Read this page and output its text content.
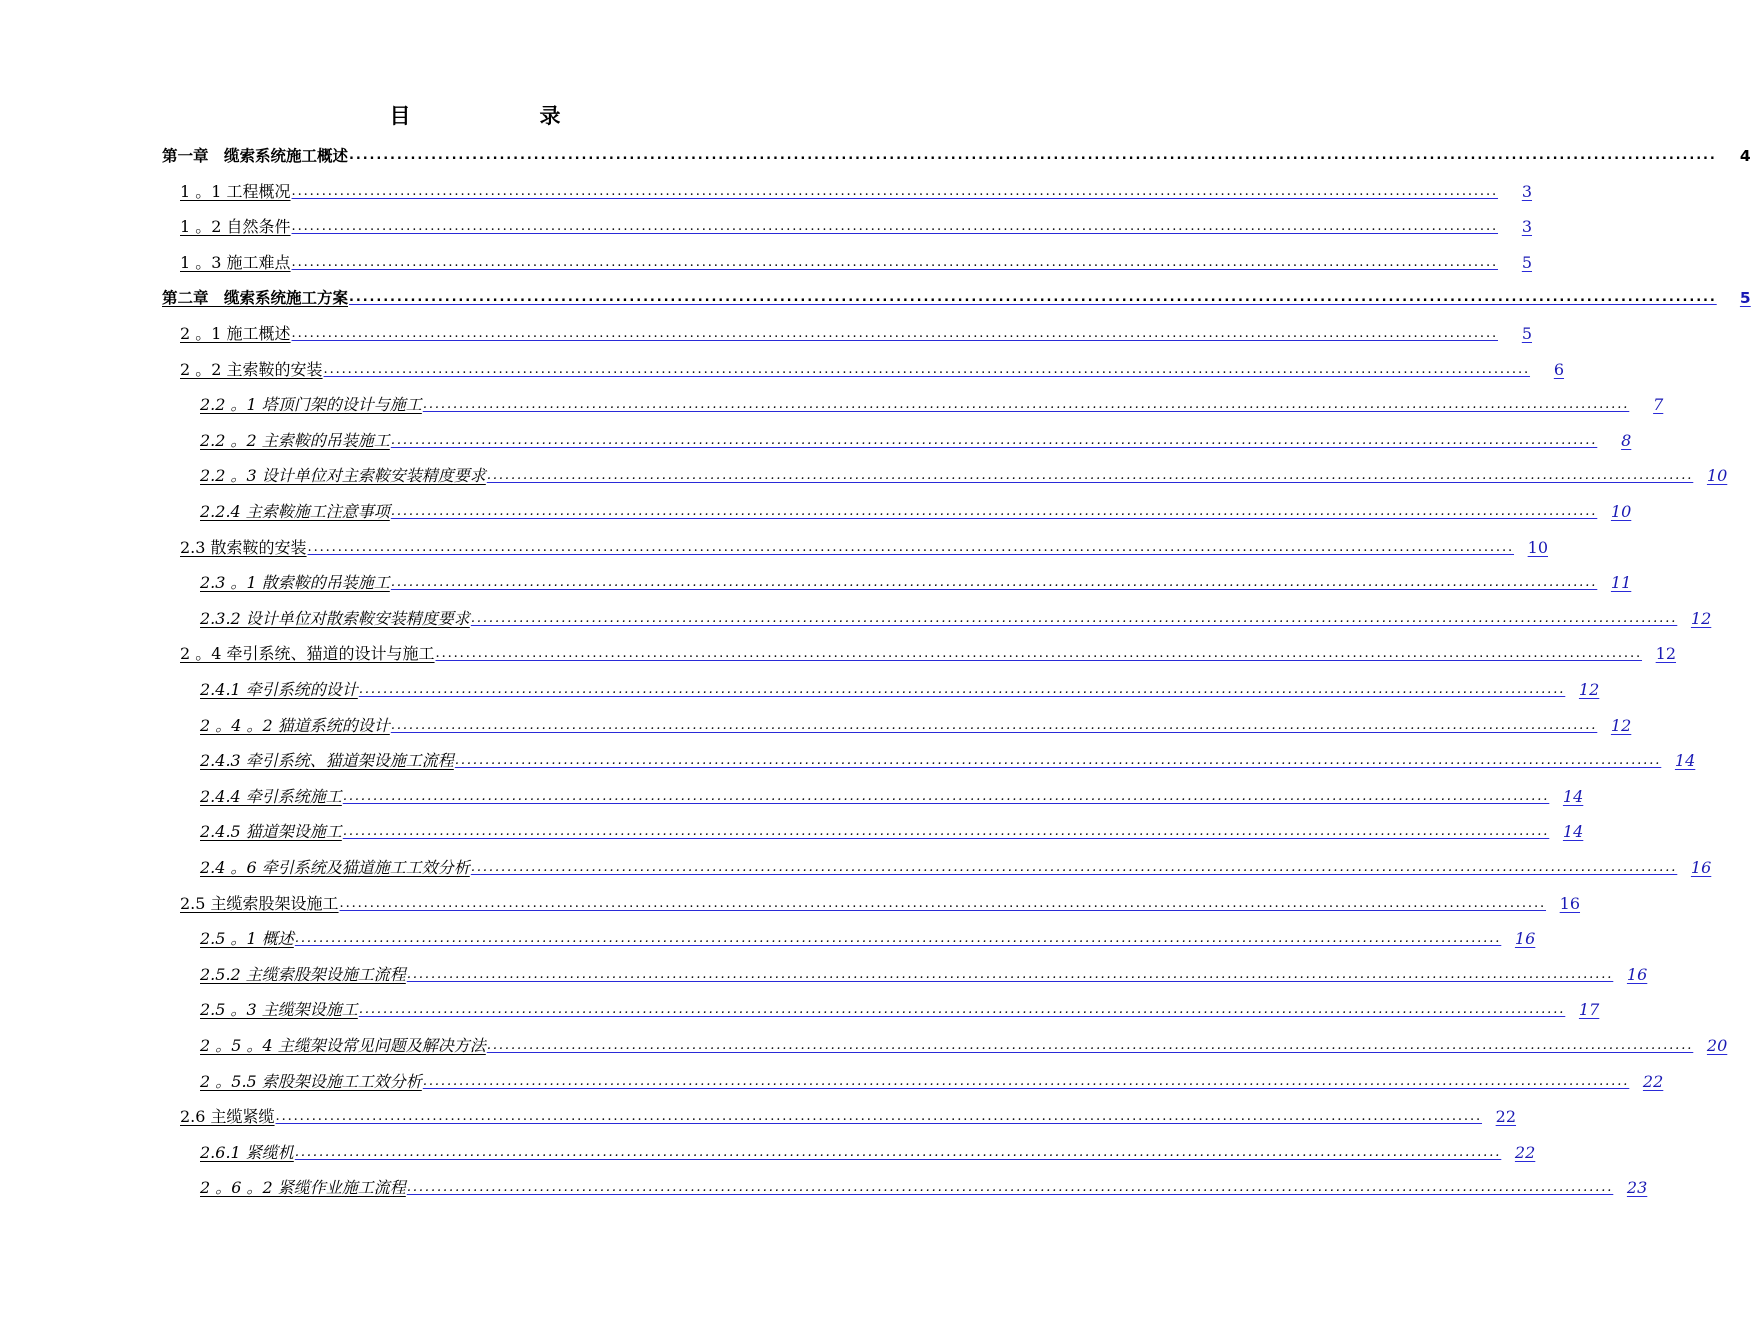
目　录
第一章　缆索系统施工概述 ........................................................................................................................................................................................................	4
1 。1 工程概况 ........................................................................................................................................................................................................	3
1 。2 自然条件 ........................................................................................................................................................................................................	3
1 。3 施工难点 ........................................................................................................................................................................................................	5
第二章　缆索系统施工方案 ........................................................................................................................................................................................................	5
2 。1 施工概述 ........................................................................................................................................................................................................	5
2 。2 主索鞍的安装 ........................................................................................................................................................................................................	6
2.2 。1 塔顶门架的设计与施工 ........................................................................................................................................................................................................	7
2.2 。2 主索鞍的吊装施工 ........................................................................................................................................................................................................	8
2.2 。3 设计单位对主索鞍安装精度要求 ........................................................................................................................................................................................................ 10
2.2.4 主索鞍施工注意事项 ........................................................................................................................................................................................................ 10
2.3 散索鞍的安装 ........................................................................................................................................................................................................ 10
2.3 。1 散索鞍的吊装施工 ........................................................................................................................................................................................................ 11
2.3.2 设计单位对散索鞍安装精度要求 ........................................................................................................................................................................................................ 12
2 。4 牵引系统、猫道的设计与施工 ........................................................................................................................................................................................................ 12
2.4.1 牵引系统的设计 ........................................................................................................................................................................................................ 12
2 。4 。2 猫道系统的设计 ........................................................................................................................................................................................................ 12
2.4.3 牵引系统、猫道架设施工流程 ........................................................................................................................................................................................................ 14
2.4.4 牵引系统施工 ........................................................................................................................................................................................................ 14
2.4.5 猫道架设施工 ........................................................................................................................................................................................................ 14
2.4 。6 牵引系统及猫道施工工效分析 ........................................................................................................................................................................................................ 16
2.5 主缆索股架设施工 ........................................................................................................................................................................................................ 16
2.5 。1 概述 ........................................................................................................................................................................................................ 16
2.5.2 主缆索股架设施工流程 ........................................................................................................................................................................................................ 16
2.5 。3 主缆架设施工 ........................................................................................................................................................................................................ 17
2 。5 。4 主缆架设常见问题及解决方法 ........................................................................................................................................................................................................ 20
2 。5.5 索股架设施工工效分析 ........................................................................................................................................................................................................ 22
2.6 主缆紧缆 ........................................................................................................................................................................................................ 22
2.6.1 紧缆机 ........................................................................................................................................................................................................ 22
2 。6 。2 紧缆作业施工流程 ........................................................................................................................................................................................................ 23
